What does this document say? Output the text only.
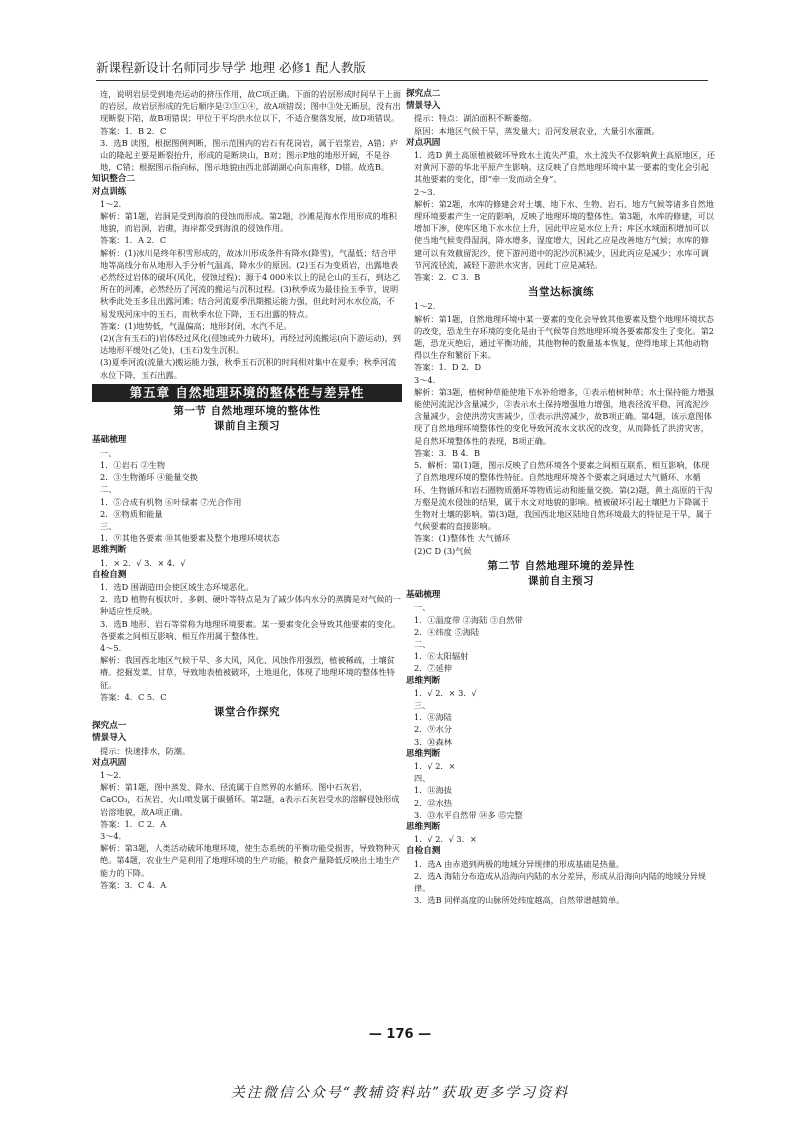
新课程新设计名师同步导学 地理 必修1 配人教版

连，说明岩层受到地壳运动的挤压作用，故C项正确。下面的岩层形成时间早于上面的岩层，故岩层形成的先后顺序是②③①④，故A项错误；图中③处无断层，没有出现断裂下陷，故B项错误；甲位于平均洪水位以下，不适合聚落发展，故D项错误。

答案：1．B 2．C

3．选B 读图，根据图例判断，图示范围内的岩石有花岗岩，属于岩浆岩，A错；庐山的隆起主要是断裂抬升，形成的是断块山，B对；图示P地的地形开阔，不是谷地，C错；根据图示指向标，图示地貌由西北部湖湖心向东南移，D错。故选B。

知识整合二

对点训练

1～2．

解析：第1题，岩洞是受到海浪的侵蚀而形成。第2题，沙滩是海水作用形成的堆积地貌，而岩洞，岩礁，海岸都受到海浪的侵蚀作用。

答案：1．A 2．C

解析：(1)冰川是终年积雪形成的，故冰川形成条件有降水(降雪)，气温低；结合甲地等高线分布从地形入手分析气温高，降水少的原因。(2)玉石为变质岩，出露地表必然经过岩体的破坏(风化，侵蚀过程)；源于4 000米以上的昆仑山的玉石，到达乙所在的河滩，必然经历了河流的搬运与沉积过程。(3)秋季成为最佳捡玉季节，说明秋季此处玉多且出露河滩；结合河流夏季汛期搬运能力强，但此时河水水位高，不易发现河床中的玉石，而秋季水位下降，玉石出露的特点。

答案：(1)地势低，气温偏高；地形封闭，水汽不足。

(2)(含有玉石的)岩体经过风化(侵蚀或外力破坏)，再经过河流搬运(向下游运动)，到达地形平缓处(乙处)，(玉石)发生沉积。

(3)夏季河流(流量大)搬运能力强，秋季玉石沉积的时间相对集中在夏季；秋季河流水位下降，玉石出露。

第五章 自然地理环境的整体性与差异性
第一节 自然地理环境的整体性
课前自主预习

基础梳理

一、

1．①岩石 ②生物

2．③生物循环 ④能量交换

二、

1．⑤合成有机物 ⑥叶绿素 ⑦光合作用

2．⑧物质和能量

三、

1．⑨其他各要素 ⑩其他要素及整个地理环境状态

思维判断

1．× 2．√ 3．× 4．√

自检自测

1．选D 围湖造田会使区域生态环境恶化。

2．选D 植物有板状叶、多刺、硬叶等特点是为了减少体内水分的蒸腾是对气候的一种适应性反映。

3．选B 地形、岩石等常称为地理环境要素。某一要素变化会导致其他要素的变化。各要素之间相互影响、相互作用属于整体性。

4～5．

解析：我国西北地区气候干旱、多大风，风化、风蚀作用强烈，植被稀疏，土壤贫瘠。挖掘发菜、甘草，导致地表植被破坏，土地退化，体现了地理环境的整体性特征。

答案：4．C 5．C

课堂合作探究

探究点一

情景导入

提示：快速排水，防潮。

对点巩固

1～2．

解析：第1题，图中蒸发、降水、径流属于自然界的水循环。图中石灰岩，CaCO₃，石灰岩、火山喷发属于碳循环。第2题，a表示石灰岩受水的溶解侵蚀形成岩溶地貌，故A项正确。

答案：1．C 2．A

3～4．

解析：第3题，人类活动破坏地理环境，使生态系统的平衡功能受损害，导致物种灭绝。第4题，农业生产是利用了地理环境的生产功能，粮食产量降低反映出土地生产能力的下降。

答案：3．C 4．A

探究点二

情景导入

提示：特点：湖泊面积不断萎缩。

原因：本地区气候干旱，蒸发量大；沿河发展农业，大量引水灌溉。

对点巩固

1．选D 黄土高原植被破坏导致水土流失严重，水土流失不仅影响黄土高原地区，还对黄河下游的华北平原产生影响。这反映了自然地理环境中某一要素的变化会引起其他要素的变化，即“牵一发而动全身”。

2～3．

解析：第2题，水库的修建会对土壤、地下水、生物、岩石、地方气候等诸多自然地理环境要素产生一定的影响，反映了地理环境的整体性。第3题，水库的修建，可以增加下渗，使库区地下水水位上升，因此甲应是水位上升；库区水域面积增加可以使当地气候变得湿润，降水增多，湿度增大，因此乙应是改善地方气候；水库的修建可以有效截留泥沙，使下游河道中的泥沙沉积减少，因此丙应是减少；水库可调节河流径流，减轻下游洪水灾害，因此丁应是减轻。

答案：2．C 3．B

当堂达标演练

1～2．

解析：第1题，自然地理环境中某一要素的变化会导致其他要素及整个地理环境状态的改变，恐龙生存环境的变化是由于气候等自然地理环境各要素都发生了变化。第2题，恐龙灭绝后，通过平衡功能，其他物种的数量基本恢复，使得地球上其他动物得以生存和繁衍下来。

答案：1．D 2．D

3～4．

解析：第3题，植树种草能使地下水补给增多，①表示植树种草；水土保持能力增强能使河流泥沙含量减少，②表示水土保持增强地力增强，地表径流平稳，河流泥沙含量减少，会使洪涝灾害减少，③表示洪涝减少，故B项正确。第4题，该示意图体现了自然地理环境整体性的变化导致河流水文状况的改变，从而降低了洪涝灾害，是自然环境整体性的表现，B项正确。

答案：3．B 4．B

5．解析：第(1)题，图示反映了自然环境各个要素之间相互联系、相互影响，体现了自然地理环境的整体性特征。自然地理环境各个要素之间通过大气循环、水循环、生物循环和岩石圈物质循环等物质运动和能量交换。第(2)题，黄土高原的干沟万壑是流水侵蚀的结果，属于水文对地貌的影响。植被破坏引起土壤肥力下降属于生物对土壤的影响。第(3)题，我国西北地区陆地自然环境最大的特征是干旱，属于气候要素的直接影响。

答案：(1)整体性 大气循环

(2)C D (3)气候

第二节 自然地理环境的差异性
课前自主预习

基础梳理

一、

1．①温度带 ②海陆 ③自然带

2．④纬度 ⑤海陆

二、

1．⑥太阳辐射

2．⑦延伸

思维判断

1．√ 2．× 3．√

三、

1．⑧海陆

2．⑨水分

3．⑩森林

思维判断

1．√ 2．×

四、

1．⑪海拔

2．⑫水热

3．⑬水平自然带 ⑭多 ⑮完整

思维判断

1．√ 2．√ 3．×

自检自测

1．选A 由赤道到两极的地域分异规律的形成基础是热量。

2．选A 海陆分布造成从沿海向内陆的水分差异，形成从沿海向内陆的地域分异规律。

3．选B 同样高度的山脉所处纬度越高，自然带谱越简单。

— 176 —
关注微信公众号“教辅资料站”获取更多学习资料
